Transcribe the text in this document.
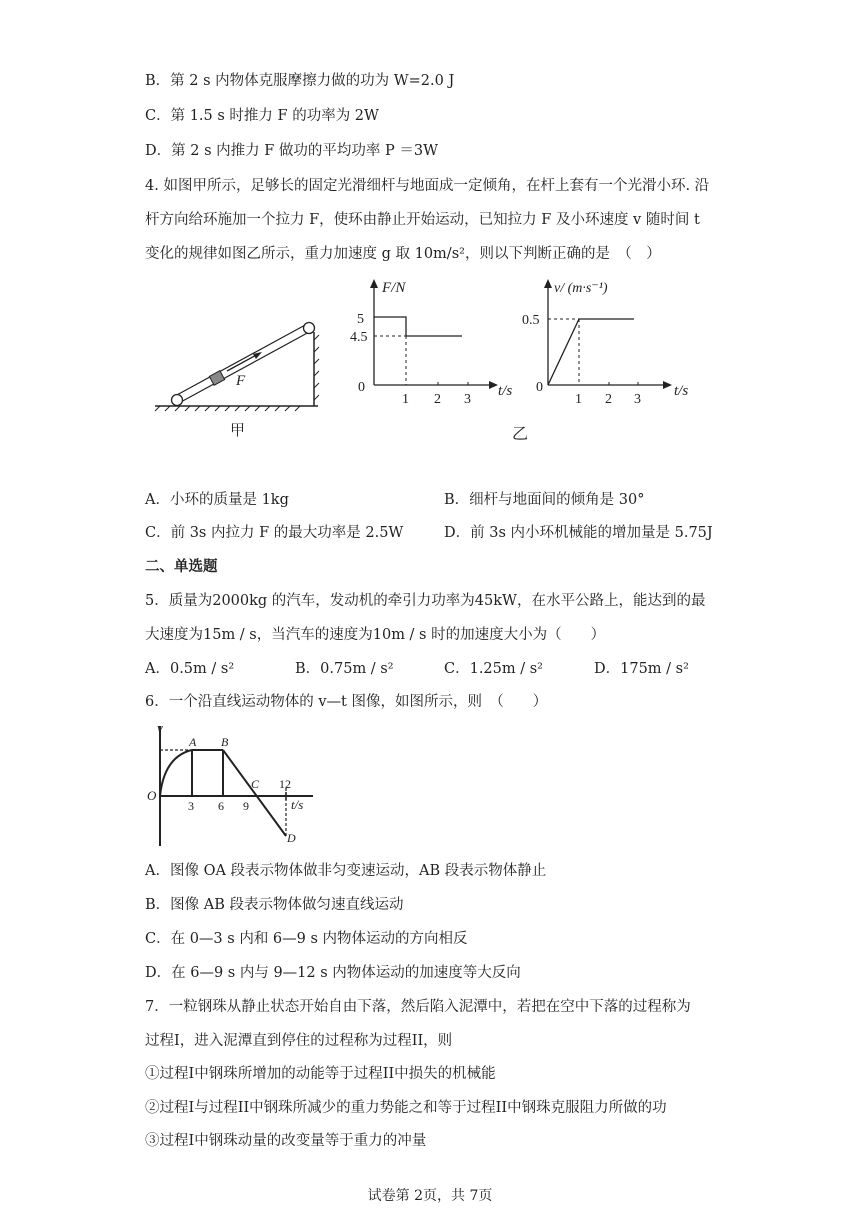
B．第 2 s 内物体克服摩擦力做的功为 W=2.0 J
C．第 1.5 s 时推力 F 的功率为 2W
D．第 2 s 内推力 F 做功的平均功率 P ＝3W
4. 如图甲所示，足够长的固定光滑细杆与地面成一定倾角，在杆上套有一个光滑小环. 沿
杆方向给环施加一个拉力 F，使环由静止开始运动，已知拉力 F 及小环速度 v 随时间 t
变化的规律如图乙所示，重力加速度 g 取 10m/s²，则以下判断正确的是　（　）
F
甲
F/N
t/s
0
5
4.5
1 2 3
v/ (m·s⁻¹)
t/s
0
0.5
1 2 3
乙
A．小环的质量是 1kg	B．细杆与地面间的倾角是 30°
C．前 3s 内拉力 F 的最大功率是 2.5W	D．前 3s 内小环机械能的增加量是 5.75J
二、单选题
5．质量为2000kg 的汽车，发动机的牵引力功率为45kW，在水平公路上，能达到的最
大速度为15m / s，当汽车的速度为10m / s 时的加速度大小为（　　）
A．0.5m / s²	B．0.75m / s²	C．1.25m / s²	D．175m / s²
6．一个沿直线运动物体的 v—t 图像，如图所示，则　（　　）
v
O
t/s
A B
C
D
3 6 9
12
A．图像 OA 段表示物体做非匀变速运动，AB 段表示物体静止
B．图像 AB 段表示物体做匀速直线运动
C．在 0—3 s 内和 6—9 s 内物体运动的方向相反
D．在 6—9 s 内与 9—12 s 内物体运动的加速度等大反向
7．一粒钢珠从静止状态开始自由下落，然后陷入泥潭中，若把在空中下落的过程称为
过程I，进入泥潭直到停住的过程称为过程II，则
①过程I中钢珠所增加的动能等于过程II中损失的机械能
②过程I与过程II中钢珠所减少的重力势能之和等于过程II中钢珠克服阻力所做的功
③过程I中钢珠动量的改变量等于重力的冲量
试卷第 2页，共 7页
